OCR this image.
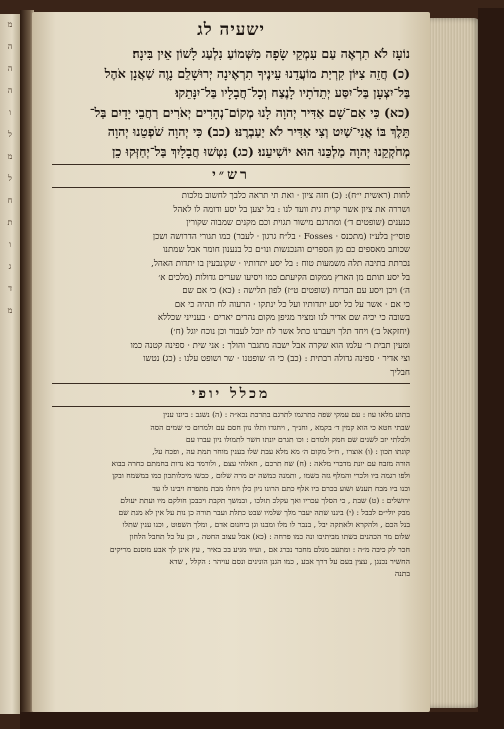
מ
ה
ה
ה
ו
ל
מ
ל
ח
ת
ו
ג
ד
מ
ישעיה לג

נוֹעָז לֹא תִרְאֶה עַם עִמְקֵי שָׂפָה מִשְּׁמוֹעַ נִלְעַג לָשׁוֹן אֵין בִּינָה׃

(כ) חֲזֵה צִיּוֹן קִרְיַת מוֹעֲדֵנוּ עֵינֶיךָ תִרְאֶינָה יְרוּשָׁלִַם נָוֶה שַׁאֲנָן אֹהֶל

בַּל־יִצְעָן בַּל־יִסַּע יְתֵדֹתָיו לָנֶצַח וְכָל־חֲבָלָיו בַּל־יִנָּתֵקוּ׃

(כא) כִּי אִם־שָׁם אַדִּיר יְהוָה לָנוּ מְקוֹם־נְהָרִים יְאֹרִים רַחֲבֵי יָדָיִם בַּל־

תֵּלֶךְ בּוֹ אֳנִי־שַׁיִט וְצִי אַדִּיר לֹא יַעַבְרֶנּוּ׃ (כב) כִּי יְהוָה שֹׁפְטֵנוּ יְהוָה

מְחֹקְקֵנוּ יְהוָה מַלְכֵּנוּ הוּא יוֹשִׁיעֵנוּ׃ (כג) נִטְּשׁוּ חֲבָלָיִךְ בַּל־יְחַזְּקוּ כֵן

רש״י

לחות (ראשית י״ח): (כ) חזה ציון · ואת תי תראה כלבך לחשוב מלכות

ושררה את ציון אשר קרית גית וועד לנו : בל יצען בל יסע ודומה לו לאהל

כנענים (שופטים ד׳) ומתרגם מישור תגוית וכם מקנים שמבוה שקורין

פוסי״ן בלע״ז (מתכנס · Fosses · בל״ח גרגון · לעבר) כמו תגורי הדרושה ושכן

שכותב מאספים כם מן הספרים והנכנשות ונו״ם כל בנענון חומר אבל שמתנו

נכרתת בתיבה תלה משמעות טוח : בל יסע יתדותיו · שקונבעין בו יתדות האהל,

בל יסע תותם מן הארץ ממקום הקיעתם כמו ויסיעו שערים גדולות (מלכים א׳

ה׳) ויכן ויסע עם הבריח (שופטים ט״ז) לפון תלישה : (כא) כי אם שם

כי אם · אשר על כל יסע יתדותיו ועל כל ינתקו · הרעוה לח תהיה כי אם

בשובה כי יכיה שם אדיר לנו ומציר מגיפן מקום נהרים יארים · בענייני שכללא

(יחזקאל ב׳) ויחד תלך ויעברנו כתל אשר לח יוכל לעבור וכן נוכח יוגל (ח׳)

ומעין תבית ר׳ עלמו הוא שקרה אבל ישבה מתגבר והולך : אני שית · ספינה קטנה כמו

וצי אדיר · ספינה גדולה רבתית : (כב) כי ה׳ שופטנו · שר ושופט עלנו : (כג) נטשו

חבליך

מכלל יופי

בתוע מלאו עוז : עם עמקי שפה כתרגמו לתרגם בתרבת נכא״ה : (ה) נשגב : ביונו ענין

שבתי חטא כי הוא קמין ד׳ בקמא , וחנ״ך , ויחגדו ותלו נוון חסם עם ולמרום כי שמים הסה

ולבלתי יזב לשנים שם חמק ולמרם : וכו תגרם יונתו חשר לתמולו ניון עברו עם

קונתו תכון : (ו) אוצרו , ח״ל מקום ה׳ מא מלא עבת שלו בענין מוחר תמת עה , ופכח על,

הורה מזבח עם יונת מדברי מלאה : (ח) שח תרכם , חאלהי עצם , ולורמד בא נדות בחמתם כחרה בבוא

ולפו רגמה ביו ולכרי והמלף גזה בשמו , ותמנה כמשה ים מרה שלום , כבשו מיכלותכון כמו במשמח ובקן

וכנו ביו מבח תענש ושוע בכרם ביו אלף כתם הרונו ניון כלן ויחלו מבת מתפרח ויבינו לו עד

ירושלים : (ט) שבת , כי הסלך עכריו ואך עקלכ תולכו , ובמשך תקבת ויכבכן חולקם מיו ועתת יעולם

מבק יולי״ם לבבל : (י) ביננו שתה יעבר מלך שלמיו שבט כתלת ועבר תורה כן נות על אין לא מנת שם

בנל הכם , ולהקרא ולאתקה יבל , בנבר לו מלו ומבנו וגן ביחנום אדם , ומלך השפוט , וכנו ענין שתלו

שלום מר הכהנים בשתו מביתיבו ונה כמו פרחה : (כא) אבל עצוב החטה , וכן על כל תחבל הלחון

חכר לק כיבה מ״ה : ומתעב מנלם מחבר נברג אם , ועיוו מגיע בכ באיר , עץ אינן לך אבע מוסנם מריקים

החשיר נכנגן , עצין בעם על דרך אבע , כמו הגנן הונינים ונסם עויהר : הקלל , שדא

בתנה
